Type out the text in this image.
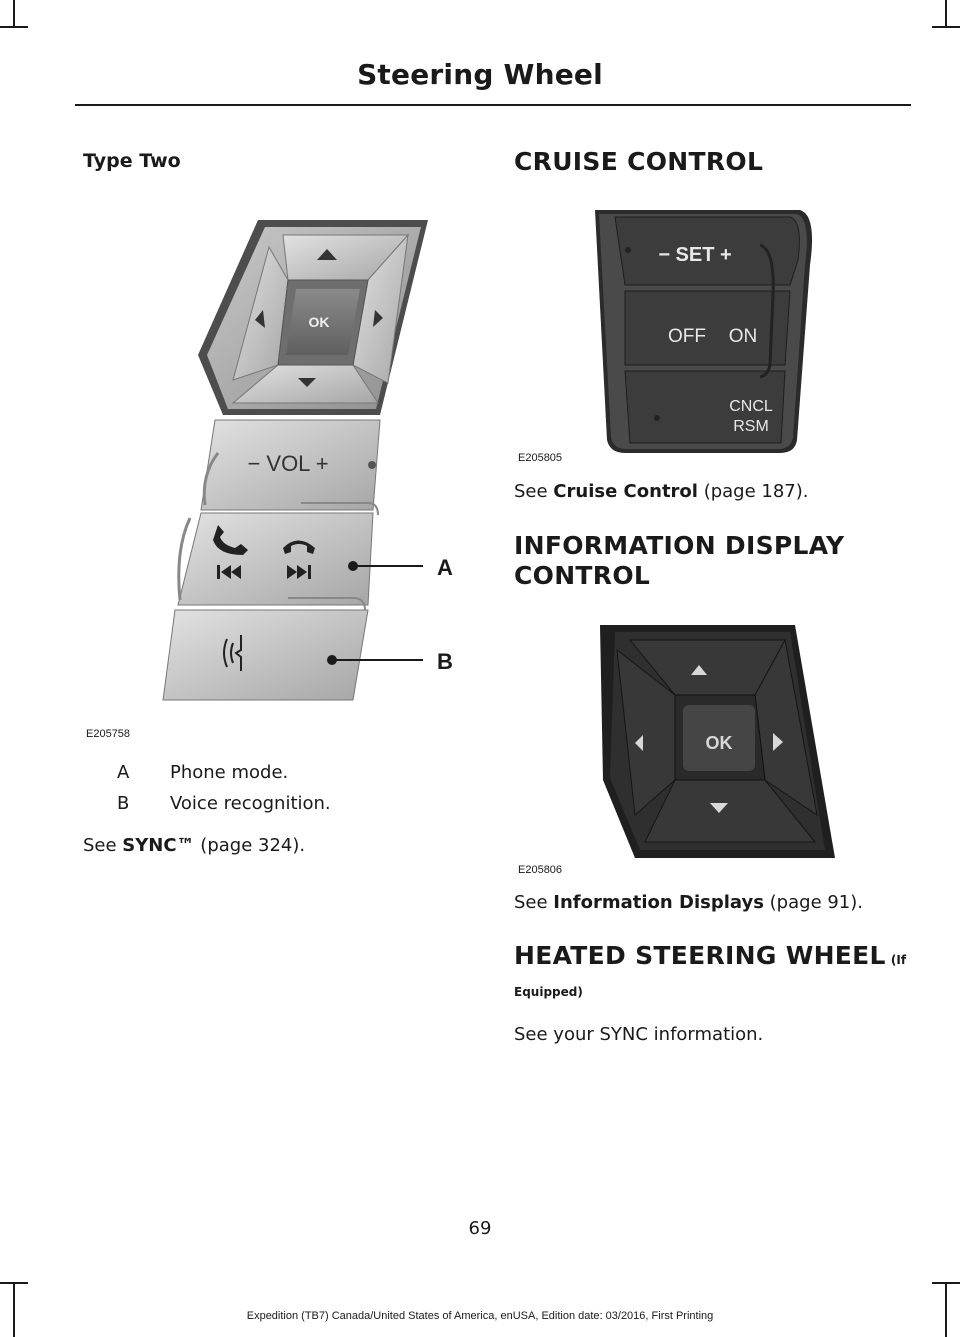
Steering Wheel
Type Two
OK
− VOL +
A
B
E205758
A Phone mode.
B Voice recognition.
See SYNC™ (page 324).
CRUISE CONTROL
− SET +
OFF ON
CNCL
RSM
E205805
See Cruise Control (page 187).
INFORMATION DISPLAY
CONTROL
OK
E205806
See Information Displays (page 91).
HEATED STEERING WHEEL (If
Equipped)
See your SYNC information.
69
Expedition (TB7) Canada/United States of America, enUSA, Edition date: 03/2016, First Printing
